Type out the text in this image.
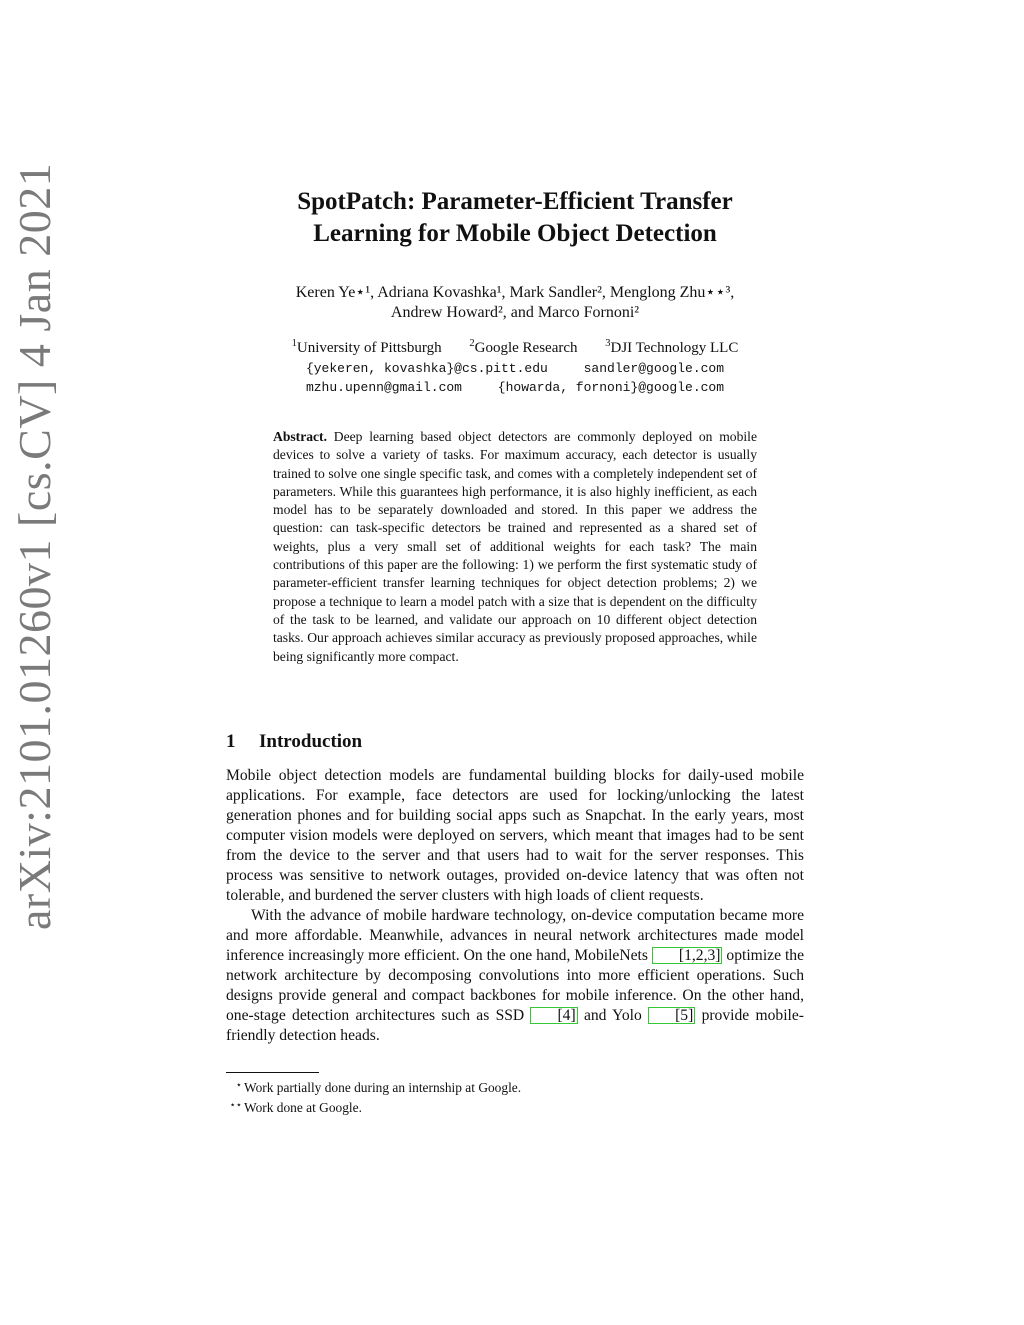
arXiv:2101.01260v1 [cs.CV] 4 Jan 2021	SpotPatch: Parameter-Efficient Transfer
Learning for Mobile Object Detection
Keren Ye⋆¹, Adriana Kovashka¹, Mark Sandler², Menglong Zhu⋆⋆³,
Andrew Howard², and Marco Fornoni²
$^1$University of Pittsburgh	$^2$Google Research	$^3$DJI Technology LLC
{yekeren, kovashka}@cs.pitt.edu	sandler@google.com
mzhu.upenn@gmail.com	{howarda, fornoni}@google.com
Abstract. Deep learning based object detectors are commonly deployed on mobile devices to solve a variety of tasks. For maximum accuracy, each detector is usually trained to solve one single specific task, and comes with a completely independent set of parameters. While this guarantees high performance, it is also highly inefficient, as each model has to be separately downloaded and stored. In this paper we address the question: can task-specific detectors be trained and represented as a shared set of weights, plus a very small set of additional weights for each task? The main contributions of this paper are the following: 1) we perform the first systematic study of parameter-efficient transfer learning techniques for object detection problems; 2) we propose a technique to learn a model patch with a size that is dependent on the difficulty of the task to be learned, and validate our approach on 10 different object detection tasks. Our approach achieves similar accuracy as previously proposed approaches, while being significantly more compact.
1 Introduction

Mobile object detection models are fundamental building blocks for daily-used mobile applications. For example, face detectors are used for locking/unlocking the latest generation phones and for building social apps such as Snapchat. In the early years, most computer vision models were deployed on servers, which meant that images had to be sent from the device to the server and that users had to wait for the server responses. This process was sensitive to network outages, provided on-device latency that was often not tolerable, and burdened the server clusters with high loads of client requests.

With the advance of mobile hardware technology, on-device computation became more and more affordable. Meanwhile, advances in neural network architectures made model inference increasingly more efficient. On the one hand, MobileNets [1,2,3] optimize the network architecture by decomposing convolutions into more efficient operations. Such designs provide general and compact backbones for mobile inference. On the other hand, one-stage detection architectures such as SSD [4] and Yolo [5] provide mobile-friendly detection heads.

⋆ Work partially done during an internship at Google.

⋆⋆ Work done at Google.
